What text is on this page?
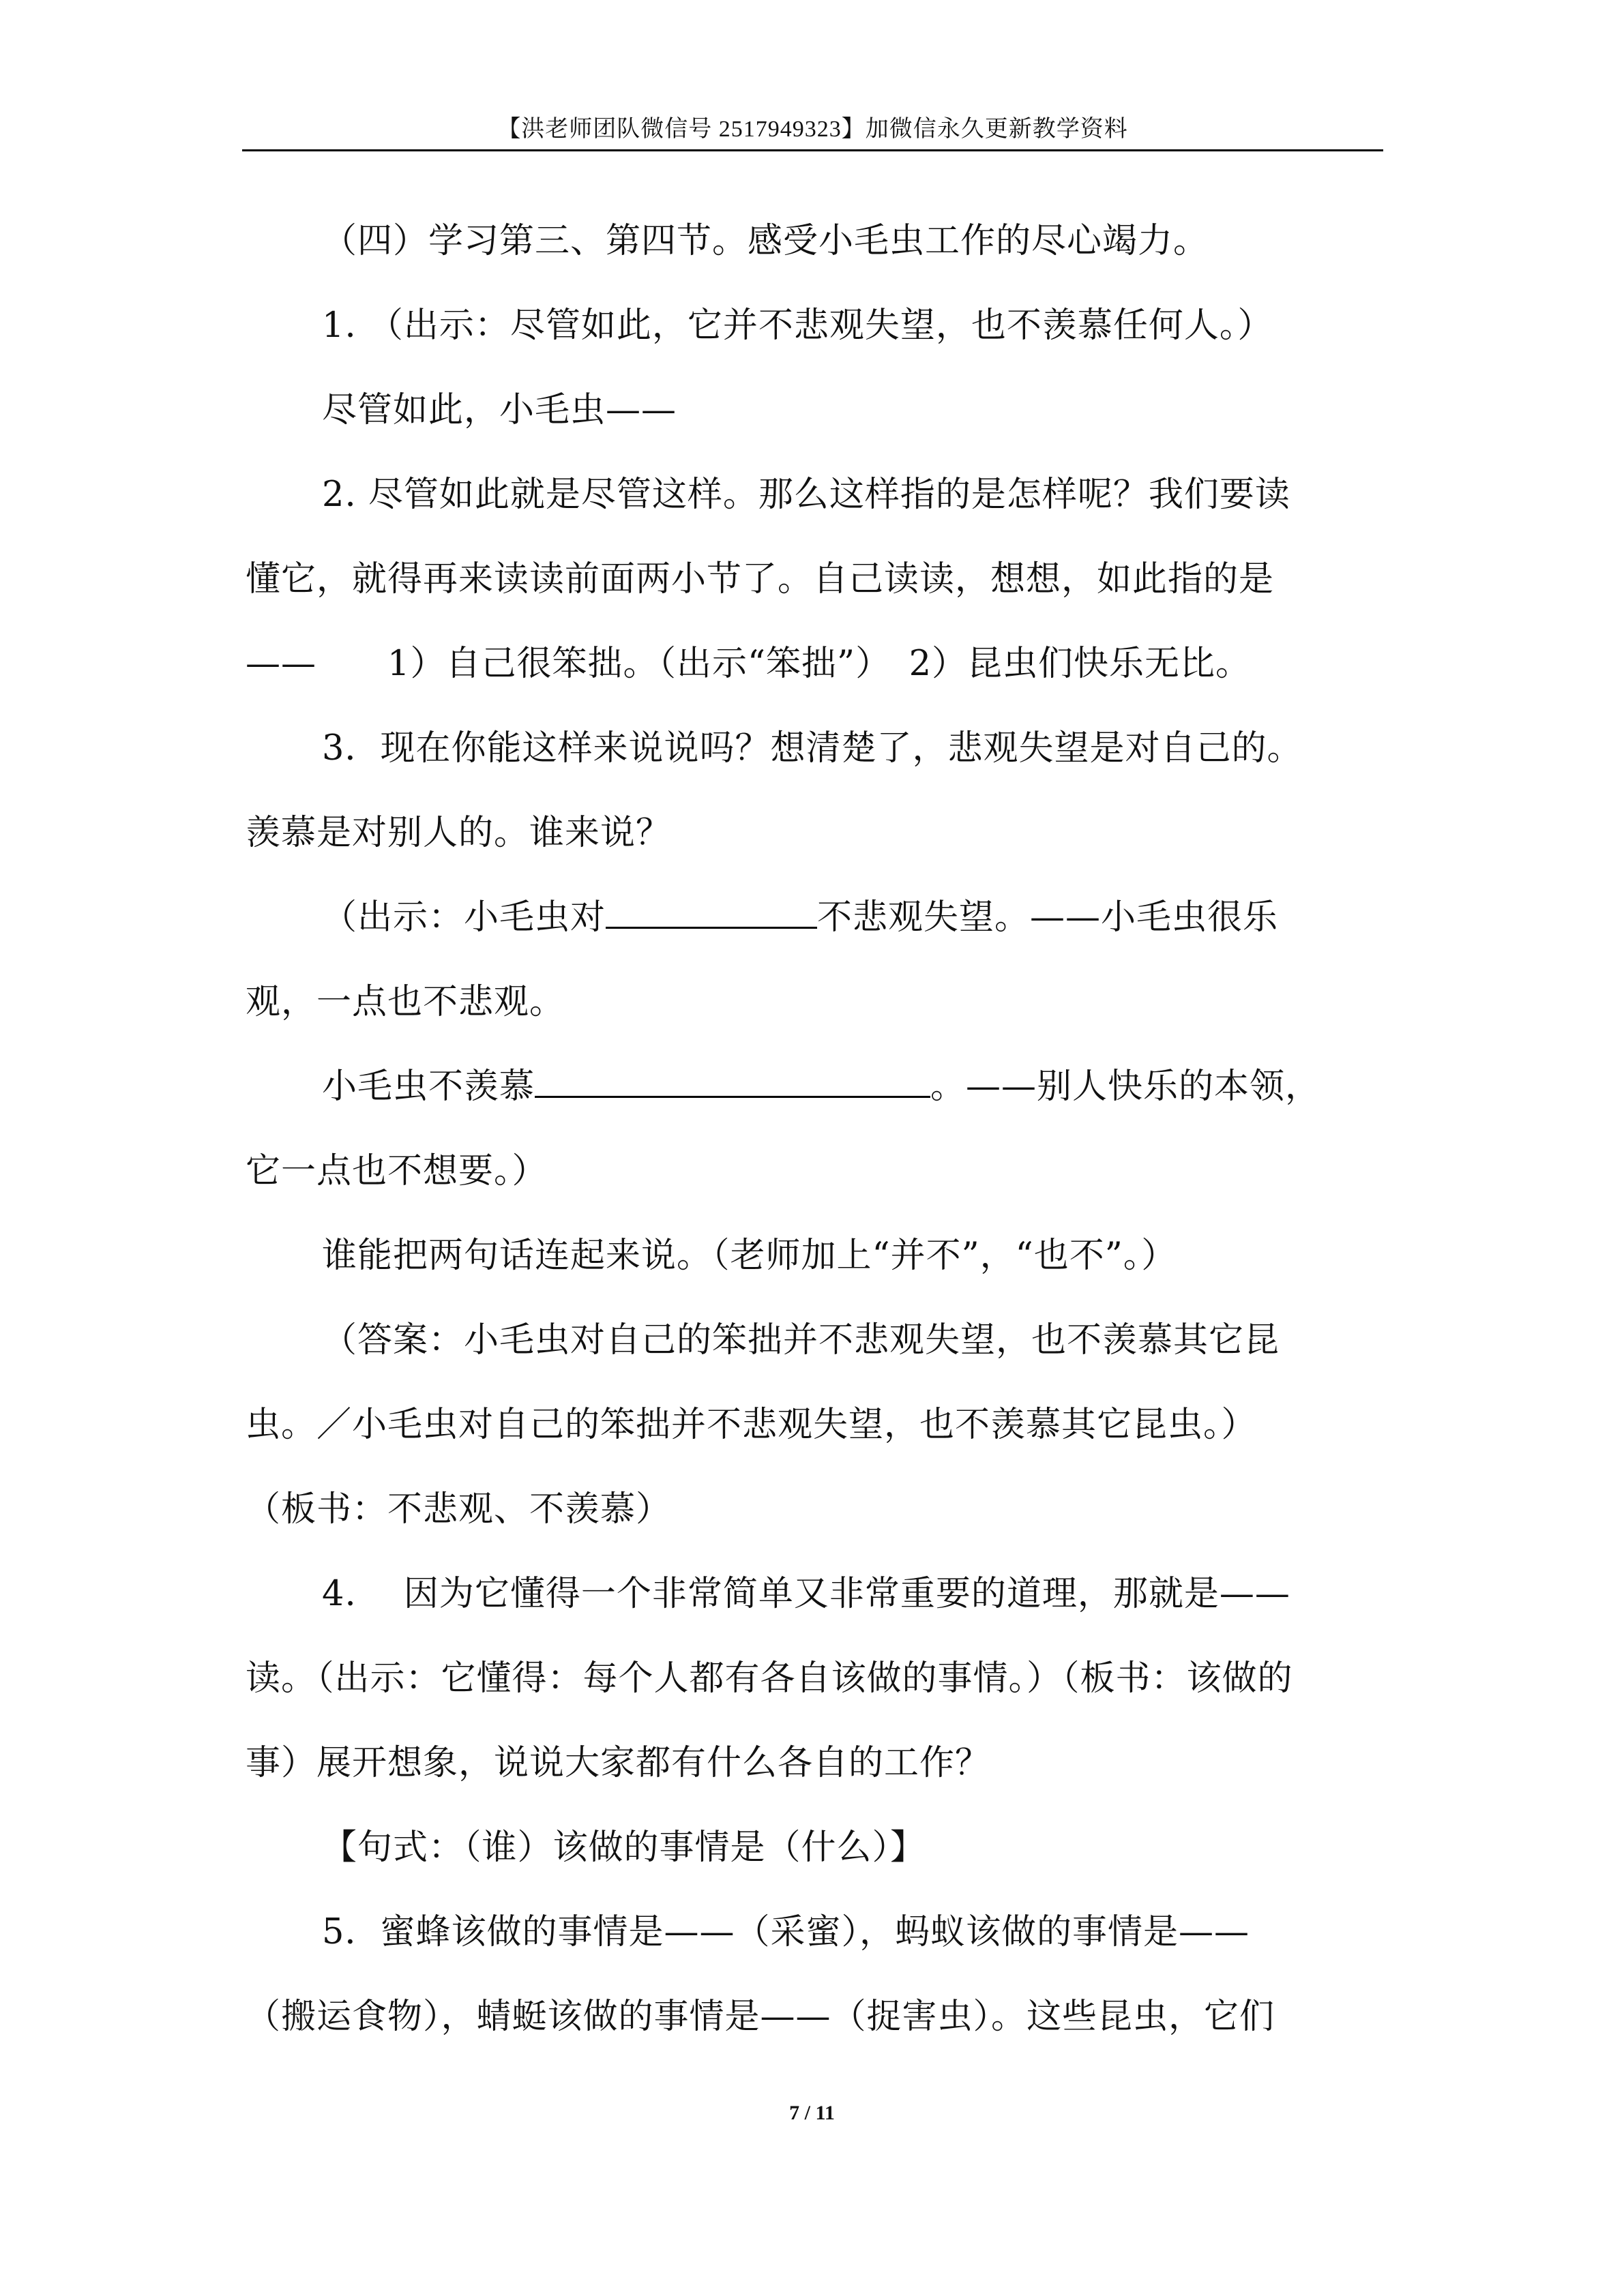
【洪老师团队微信号 2517949323】加微信永久更新教学资料
（四）学习第三、第四节。感受小毛虫工作的尽心竭力。
1. （出示：尽管如此，它并不悲观失望，也不羡慕任何人。）
尽管如此，小毛虫——
2. 尽管如此就是尽管这样。那么这样指的是怎样呢？我们要读
懂它，就得再来读读前面两小节了。自己读读，想想，如此指的是
——　　1）自己很笨拙。（出示“笨拙”）　2）昆虫们快乐无比。
3．现在你能这样来说说吗？想清楚了，悲观失望是对自己的。
羡慕是对别人的。谁来说？
（出示：小毛虫对	不悲观失望。——小毛虫很乐
观，一点也不悲观。
小毛虫不羡慕	。——别人快乐的本领，
它一点也不想要。）
谁能把两句话连起来说。（老师加上“并不”，“也不”。）
（答案：小毛虫对自己的笨拙并不悲观失望，也不羡慕其它昆
虫。／小毛虫对自己的笨拙并不悲观失望，也不羡慕其它昆虫。）
（板书：不悲观、不羡慕）
4.　 因为它懂得一个非常简单又非常重要的道理，那就是——
读。（出示：它懂得：每个人都有各自该做的事情。）（板书：该做的
事）展开想象，说说大家都有什么各自的工作？
【句式：（谁）该做的事情是（什么）】
5．蜜蜂该做的事情是——（采蜜），蚂蚁该做的事情是——
（搬运食物），蜻蜓该做的事情是——（捉害虫）。这些昆虫，它们
7 / 11
